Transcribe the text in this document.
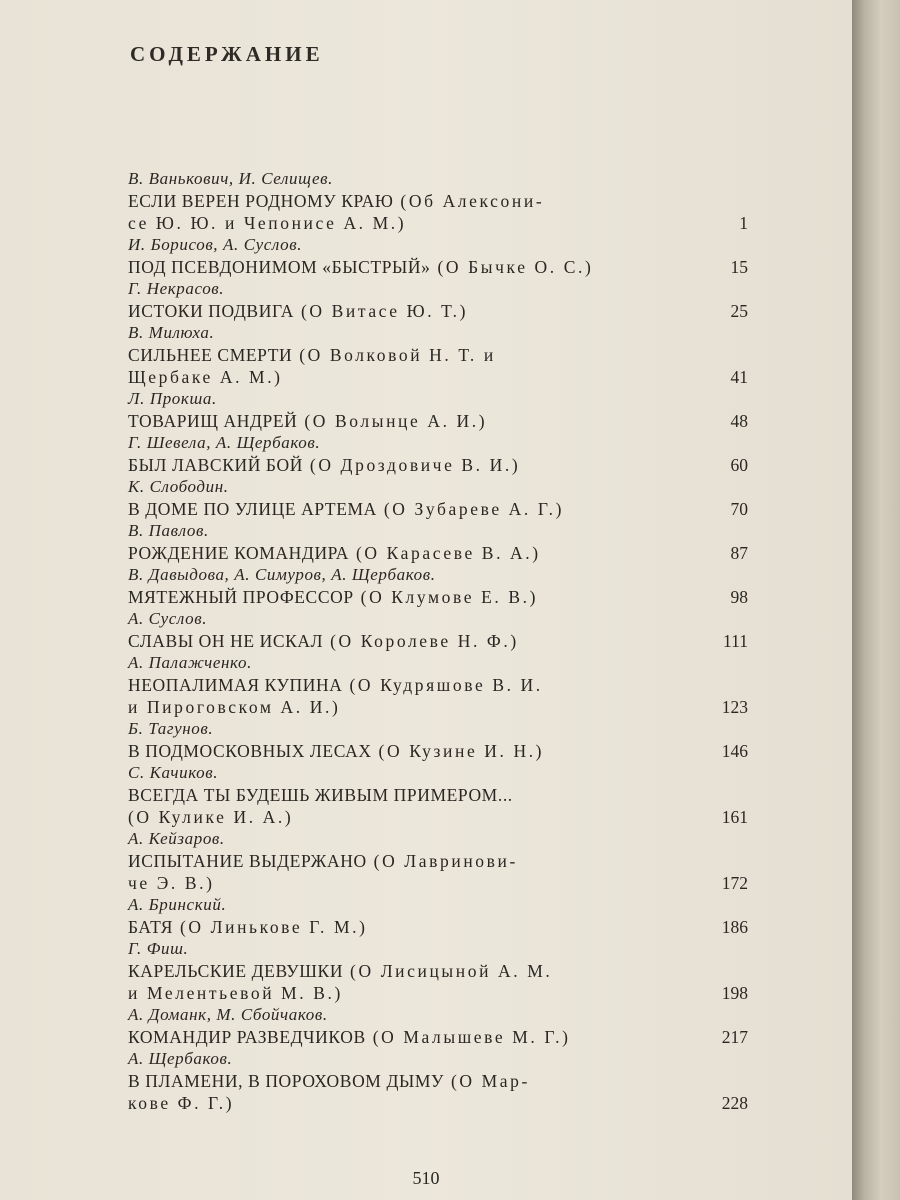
СОДЕРЖАНИЕ
В. Ванькович, И. Селищев.
ЕСЛИ ВЕРЕН РОДНОМУ КРАЮ (Об Алексони-
се Ю. Ю. и Чепонисе А. М.)	1
И. Борисов, А. Суслов.
ПОД ПСЕВДОНИМОМ «БЫСТРЫЙ» (О Бычке О. С.)	15
Г. Некрасов.
ИСТОКИ ПОДВИГА (О Витасе Ю. Т.)	25
В. Милюха.
СИЛЬНЕЕ СМЕРТИ (О Волковой Н. Т. и
Щербаке А. М.)	41
Л. Прокша.
ТОВАРИЩ АНДРЕЙ (О Волынце А. И.)	48
Г. Шевела, А. Щербаков.
БЫЛ ЛАВСКИЙ БОЙ (О Дроздовиче В. И.)	60
К. Слободин.
В ДОМЕ ПО УЛИЦЕ АРТЕМА (О Зубареве А. Г.)	70
В. Павлов.
РОЖДЕНИЕ КОМАНДИРА (О Карасеве В. А.)	87
В. Давыдова, А. Симуров, А. Щербаков.
МЯТЕЖНЫЙ ПРОФЕССОР (О Клумове Е. В.)	98
А. Суслов.
СЛАВЫ ОН НЕ ИСКАЛ (О Королеве Н. Ф.)	111
А. Палажченко.
НЕОПАЛИМАЯ КУПИНА (О Кудряшове В. И.
и Пироговском А. И.)	123
Б. Тагунов.
В ПОДМОСКОВНЫХ ЛЕСАХ (О Кузине И. Н.)	146
С. Качиков.
ВСЕГДА ТЫ БУДЕШЬ ЖИВЫМ ПРИМЕРОМ...
(О Кулике И. А.)	161
А. Кейзаров.
ИСПЫТАНИЕ ВЫДЕРЖАНО (О Лавринови-
че Э. В.)	172
А. Бринский.
БАТЯ (О Линькове Г. М.)	186
Г. Фиш.
КАРЕЛЬСКИЕ ДЕВУШКИ (О Лисицыной А. М.
и Мелентьевой М. В.)	198
А. Доманк, М. Сбойчаков.
КОМАНДИР РАЗВЕДЧИКОВ (О Малышеве М. Г.)	217
А. Щербаков.
В ПЛАМЕНИ, В ПОРОХОВОМ ДЫМУ (О Мар-
кове Ф. Г.)	228
510
